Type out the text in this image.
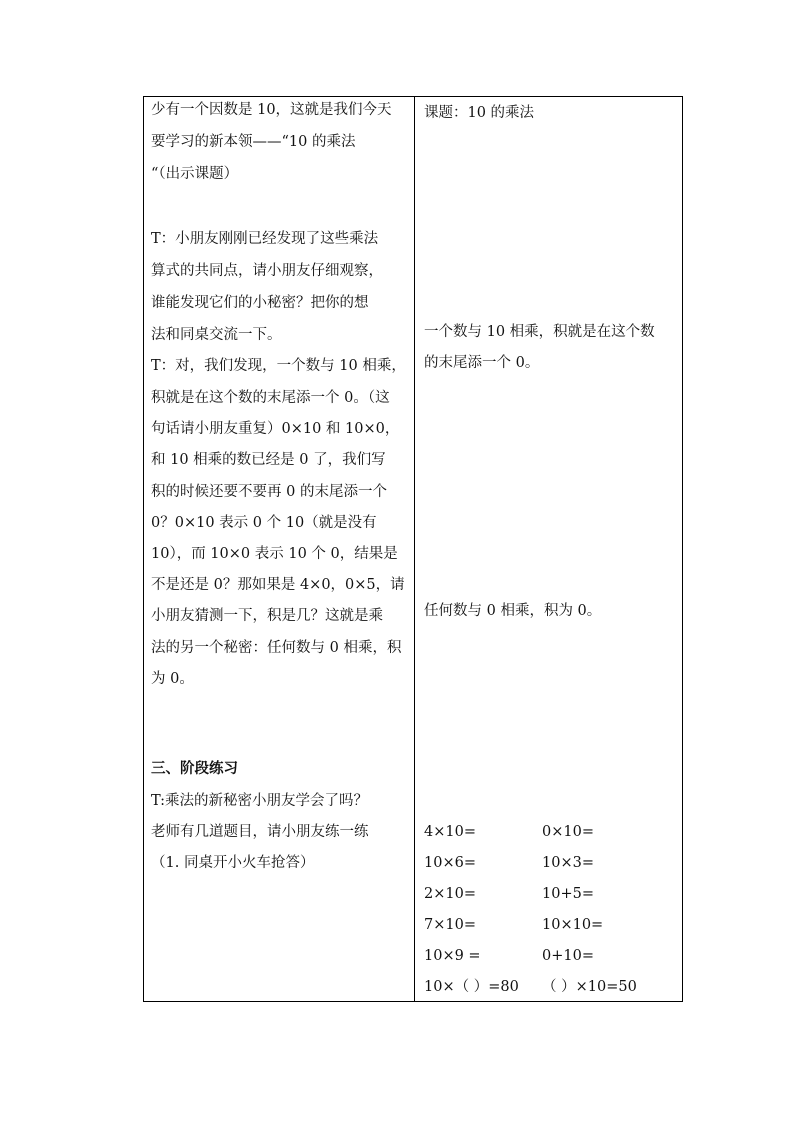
少有一个因数是 10，这就是我们今天
要学习的新本领——“10 的乘法
“（出示课题）
T：小朋友刚刚已经发现了这些乘法
算式的共同点，请小朋友仔细观察，
谁能发现它们的小秘密？把你的想
法和同桌交流一下。
T：对，我们发现，一个数与 10 相乘，
积就是在这个数的末尾添一个 0。（这
句话请小朋友重复）0×10 和 10×0，
和 10 相乘的数已经是 0 了，我们写
积的时候还要不要再 0 的末尾添一个
0？0×10 表示 0 个 10（就是没有
10），而 10×0 表示 10 个 0，结果是
不是还是 0？那如果是 4×0，0×5，请
小朋友猜测一下，积是几？这就是乘
法的另一个秘密：任何数与 0 相乘，积
为 0。
三、阶段练习
T:乘法的新秘密小朋友学会了吗？
老师有几道题目，请小朋友练一练
（1. 同桌开小火车抢答）
课题：10 的乘法
一个数与 10 相乘，积就是在这个数
的末尾添一个 0。
任何数与 0 相乘，积为 0。
4×10=	0×10=
10×6=	10×3=
2×10=	10+5=
7×10=	10×10=
10×9 =	0+10=
10×（ ）=80 （ ）×10=50
